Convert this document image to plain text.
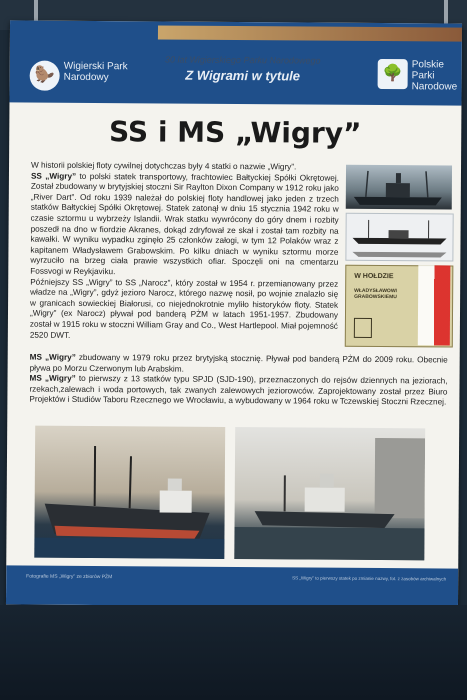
🦫
Wigierski Park Narodowy
30 lat Wigierskiego Parku Narodowego
Z Wigrami w tytule	🌳
Polskie Parki Narodowe
SS i MS „Wigry”

W historii polskiej floty cywilnej dotychczas były 4 statki o nazwie „Wigry”.

SS „Wigry” to polski statek transportowy, frachtowiec Bałtyckiej Spółki Okrętowej. Został zbudowany w brytyjskiej stoczni Sir Raylton Dixon Company w 1912 roku jako „River Dart”. Od roku 1939 należał do polskiej floty handlowej jako jeden z trzech statków Bałtyckiej Spółki Okrętowej. Statek zatonął w dniu 15 stycznia 1942 roku w czasie sztormu u wybrzeży Islandii. Wrak statku wywrócony do góry dnem i rozbity poszedł na dno w fiordzie Akranes, dokąd zdryfował ze skał i został tam rozbity na kawałki. W wyniku wypadku zginęło 25 członków załogi, w tym 12 Polaków wraz z kapitanem Władysławem Grabowskim. Po kilku dniach w wyniku sztormu morze wyrzuciło na brzeg ciała prawie wszystkich ofiar. Spoczęli oni na cmentarzu Fossvogi w Reykjaviku.

Późniejszy SS „Wigry” to SS „Narocz”, który został w 1954 r. przemianowany przez władze na „Wigry”, gdyż jezioro Narocz, którego nazwę nosił, po wojnie znalazło się w granicach sowieckiej Białorusi, co niejednokrotnie myliło historyków floty. Statek „Wigry” (ex Narocz) pływał pod banderą PŻM w latach 1951-1957. Zbudowany został w 1915 roku w stoczni William Gray and Co., West Hartlepool. Miał pojemność 2520 DWT.

MS „Wigry” zbudowany w 1979 roku przez brytyjską stocznię. Pływał pod banderą PŻM do 2009 roku. Obecnie pływa po Morzu Czerwonym lub Arabskim.

MS „Wigry” to pierwszy z 13 statków typu SPJD (SJD-190), przeznaczonych do rejsów dziennych na jeziorach, rzekach,zalewach i woda portowych, tak zwanych zalewowych jeziorowców. Zaprojektowany został przez Biuro Projektów i Studiów Taboru Rzecznego we Wrocławiu, a wybudowany w 1964 roku w Tczewskiej Stoczni Rzecznej.

W HOŁDZIE
WŁADYSŁAWOWI GRABOWSKIEMU
Fotografie MS „Wigry” ze zbiorów PŻM	SS „Wigry” to pierwszy statek po zmianie nazwy, fot. z zasobów archiwalnych
